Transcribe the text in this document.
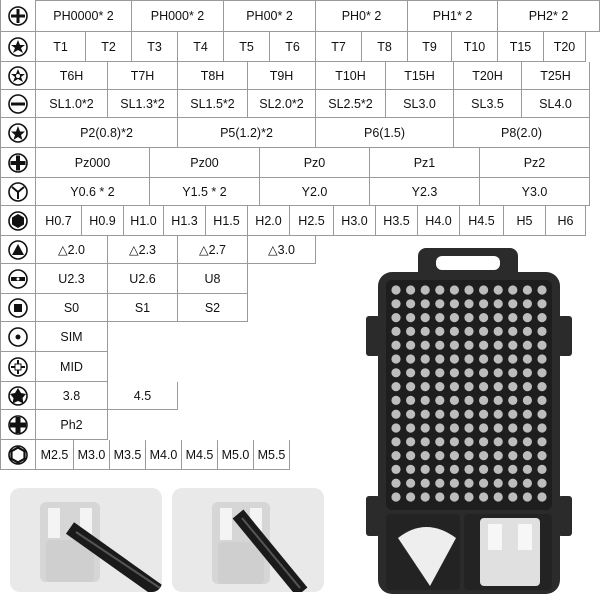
PH0000* 2	PH000* 2	PH00* 2	PH0* 2	PH1* 2	PH2* 2
T1	T2	T3	T4	T5	T6	T7	T8	T9	T10	T15	T20
T6H	T7H	T8H	T9H	T10H	T15H	T20H	T25H
SL1.0*2	SL1.3*2	SL1.5*2	SL2.0*2	SL2.5*2	SL3.0	SL3.5	SL4.0
P2(0.8)*2	P5(1.2)*2	P6(1.5)	P8(2.0)
Pz000	Pz00	Pz0	Pz1	Pz2
Y0.6 * 2	Y1.5 * 2	Y2.0	Y2.3	Y3.0
H0.7	H0.9	H1.0	H1.3	H1.5	H2.0	H2.5	H3.0	H3.5	H4.0	H4.5	H5	H6
△2.0	△2.3	△2.7	△3.0
U2.3	U2.6	U8
S0	S1	S2
SIM
MID
3.8	4.5
Ph2
M2.5 M3.0 M3.5 M4.0 M4.5 M5.0 M5.5
